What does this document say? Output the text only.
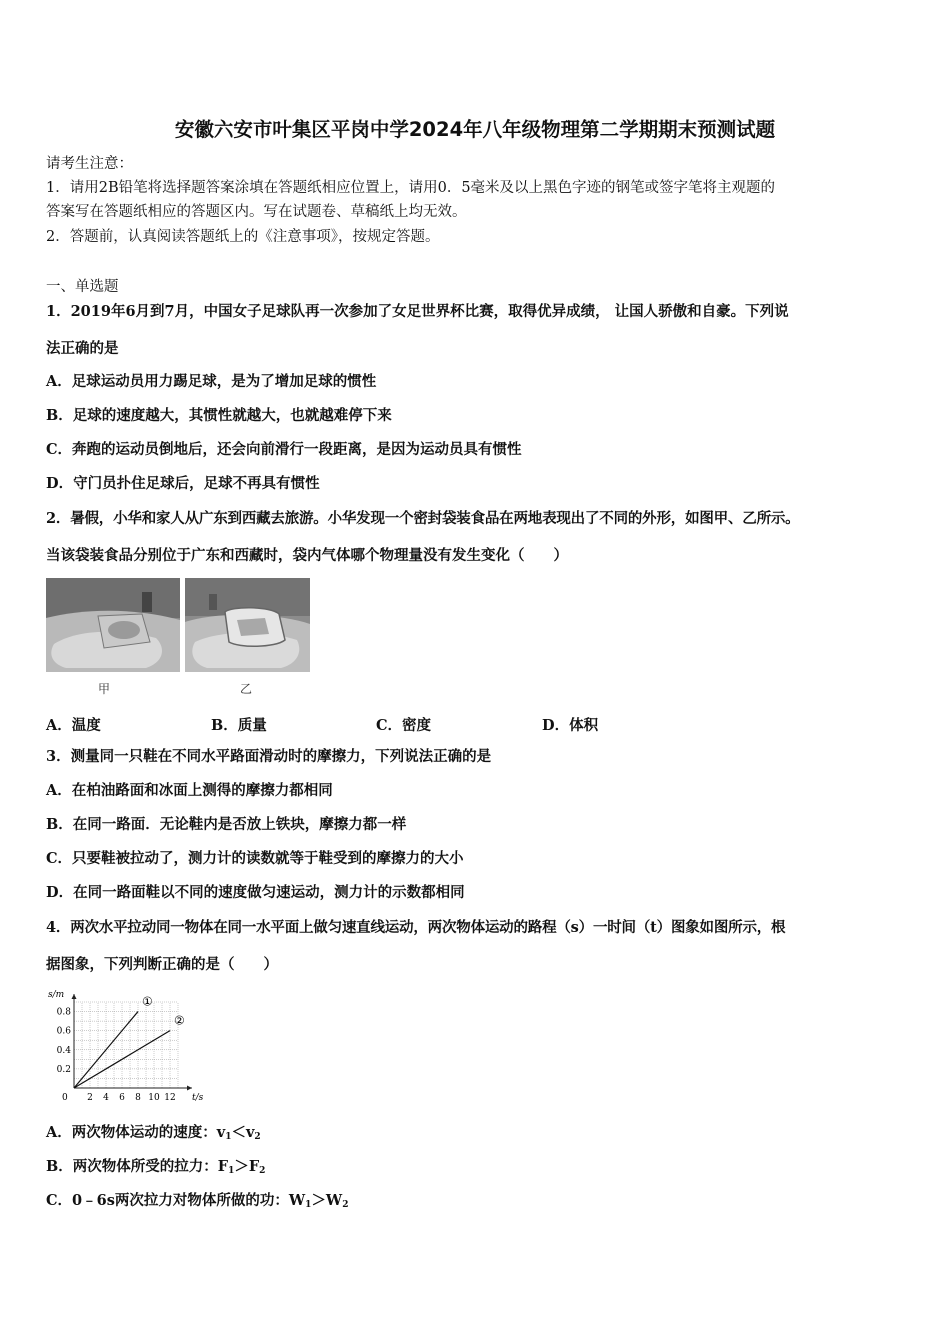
安徽六安市叶集区平岗中学2024年八年级物理第二学期期末预测试题
请考生注意：
1．请用2B铅笔将选择题答案涂填在答题纸相应位置上，请用0．5毫米及以上黑色字迹的钢笔或签字笔将主观题的
答案写在答题纸相应的答题区内。写在试题卷、草稿纸上均无效。
2．答题前，认真阅读答题纸上的《注意事项》，按规定答题。
一、单选题
1．2019年6月到7月，中国女子足球队再一次参加了女足世界杯比赛，取得优异成绩， 让国人骄傲和自豪。下列说
法正确的是
A．足球运动员用力踢足球，是为了增加足球的惯性
B．足球的速度越大，其惯性就越大，也就越难停下来
C．奔跑的运动员倒地后，还会向前滑行一段距离，是因为运动员具有惯性
D．守门员扑住足球后，足球不再具有惯性
2．暑假，小华和家人从广东到西藏去旅游。小华发现一个密封袋装食品在两地表现出了不同的外形，如图甲、乙所示。
当该袋装食品分别位于广东和西藏时，袋内气体哪个物理量没有发生变化（　　）
甲	乙
A．温度	B．质量	C．密度	D．体积
3．测量同一只鞋在不同水平路面滑动时的摩擦力，下列说法正确的是
A．在柏油路面和冰面上测得的摩擦力都相同
B．在同一路面．无论鞋内是否放上铁块，摩擦力都一样
C．只要鞋被拉动了，测力计的读数就等于鞋受到的摩擦力的大小
D．在同一路面鞋以不同的速度做匀速运动，测力计的示数都相同
4．两次水平拉动同一物体在同一水平面上做匀速直线运动，两次物体运动的路程（s）一时间（t）图象如图所示，根
据图象，下列判断正确的是（　　）
2 4 6 8 10 12
0.2
0.4
0.6
0.8
0
s/m
t/s
①
②
A．两次物体运动的速度：$v_1<v_2$
B．两次物体所受的拉力：$F_1>F_2$
C．0﹣6s两次拉力对物体所做的功：$W_1>W_2$
